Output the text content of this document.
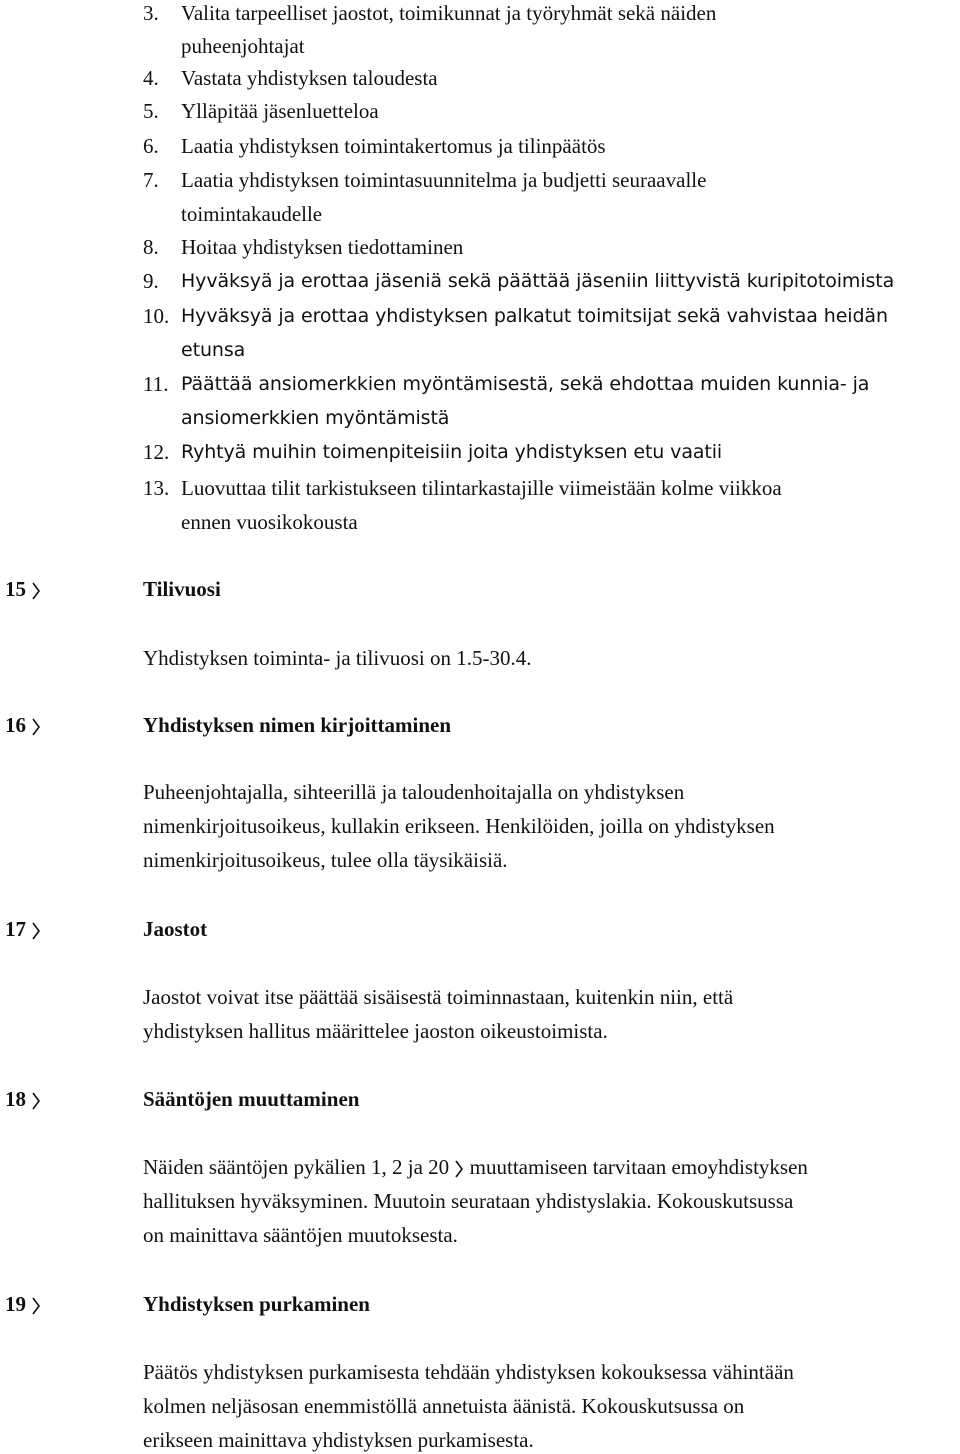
3. Valita tarpeelliset jaostot, toimikunnat ja työryhmät sekä näiden
puheenjohtajat
4. Vastata yhdistyksen taloudesta
5. Ylläpitää jäsenluetteloa
6. Laatia yhdistyksen toimintakertomus ja tilinpäätös
7. Laatia yhdistyksen toimintasuunnitelma ja budjetti seuraavalle
toimintakaudelle
8. Hoitaa yhdistyksen tiedottaminen
9. Hyväksyä ja erottaa jäseniä sekä päättää jäseniin liittyvistä kuripitotoimista
10. Hyväksyä ja erottaa yhdistyksen palkatut toimitsijat sekä vahvistaa heidän
etunsa
11. Päättää ansiomerkkien myöntämisestä, sekä ehdottaa muiden kunnia- ja
ansiomerkkien myöntämistä
12. Ryhtyä muihin toimenpiteisiin joita yhdistyksen etu vaatii
13. Luovuttaa tilit tarkistukseen tilintarkastajille viimeistään kolme viikkoa
ennen vuosikokousta
15	Tilivuosi
Yhdistyksen toiminta- ja tilivuosi on 1.5-30.4.
16	Yhdistyksen nimen kirjoittaminen
Puheenjohtajalla, sihteerillä ja taloudenhoitajalla on yhdistyksen
nimenkirjoitusoikeus, kullakin erikseen. Henkilöiden, joilla on yhdistyksen
nimenkirjoitusoikeus, tulee olla täysikäisiä.
17	Jaostot
Jaostot voivat itse päättää sisäisestä toiminnastaan, kuitenkin niin, että
yhdistyksen hallitus määrittelee jaoston oikeustoimista.
18	Sääntöjen muuttaminen
Näiden sääntöjen pykälien 1, 2 ja 20 muuttamiseen tarvitaan emoyhdistyksen
hallituksen hyväksyminen. Muutoin seurataan yhdistyslakia. Kokouskutsussa
on mainittava sääntöjen muutoksesta.
19	Yhdistyksen purkaminen
Päätös yhdistyksen purkamisesta tehdään yhdistyksen kokouksessa vähintään
kolmen neljäsosan enemmistöllä annetuista äänistä. Kokouskutsussa on
erikseen mainittava yhdistyksen purkamisesta.
